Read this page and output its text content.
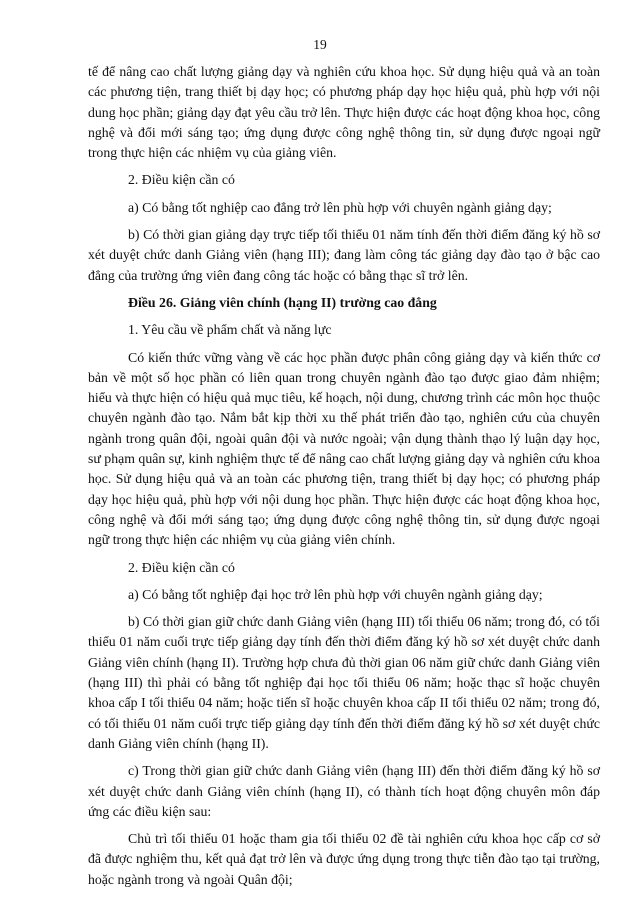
19

tế để nâng cao chất lượng giảng dạy và nghiên cứu khoa học. Sử dụng hiệu quả và an toàn các phương tiện, trang thiết bị dạy học; có phương pháp dạy học hiệu quả, phù hợp với nội dung học phần; giảng dạy đạt yêu cầu trở lên. Thực hiện được các hoạt động khoa học, công nghệ và đổi mới sáng tạo; ứng dụng được công nghệ thông tin, sử dụng được ngoại ngữ trong thực hiện các nhiệm vụ của giảng viên.

2. Điều kiện cần có

a) Có bằng tốt nghiệp cao đẳng trở lên phù hợp với chuyên ngành giảng dạy;

b) Có thời gian giảng dạy trực tiếp tối thiểu 01 năm tính đến thời điểm đăng ký hồ sơ xét duyệt chức danh Giảng viên (hạng III); đang làm công tác giảng dạy đào tạo ở bậc cao đẳng của trường ứng viên đang công tác hoặc có bằng thạc sĩ trở lên.

Điều 26. Giảng viên chính (hạng II) trường cao đẳng

1. Yêu cầu về phẩm chất và năng lực

Có kiến thức vững vàng về các học phần được phân công giảng dạy và kiến thức cơ bản về một số học phần có liên quan trong chuyên ngành đào tạo được giao đảm nhiệm; hiểu và thực hiện có hiệu quả mục tiêu, kế hoạch, nội dung, chương trình các môn học thuộc chuyên ngành đào tạo. Nắm bắt kịp thời xu thế phát triển đào tạo, nghiên cứu của chuyên ngành trong quân đội, ngoài quân đội và nước ngoài; vận dụng thành thạo lý luận dạy học, sư phạm quân sự, kinh nghiệm thực tế để nâng cao chất lượng giảng dạy và nghiên cứu khoa học. Sử dụng hiệu quả và an toàn các phương tiện, trang thiết bị dạy học; có phương pháp dạy học hiệu quả, phù hợp với nội dung học phần. Thực hiện được các hoạt động khoa học, công nghệ và đổi mới sáng tạo; ứng dụng được công nghệ thông tin, sử dụng được ngoại ngữ trong thực hiện các nhiệm vụ của giảng viên chính.

2. Điều kiện cần có

a) Có bằng tốt nghiệp đại học trở lên phù hợp với chuyên ngành giảng dạy;

b) Có thời gian giữ chức danh Giảng viên (hạng III) tối thiểu 06 năm; trong đó, có tối thiểu 01 năm cuối trực tiếp giảng dạy tính đến thời điểm đăng ký hồ sơ xét duyệt chức danh Giảng viên chính (hạng II). Trường hợp chưa đủ thời gian 06 năm giữ chức danh Giảng viên (hạng III) thì phải có bằng tốt nghiệp đại học tối thiểu 06 năm; hoặc thạc sĩ hoặc chuyên khoa cấp I tối thiểu 04 năm; hoặc tiến sĩ hoặc chuyên khoa cấp II tối thiểu 02 năm; trong đó, có tối thiểu 01 năm cuối trực tiếp giảng dạy tính đến thời điểm đăng ký hồ sơ xét duyệt chức danh Giảng viên chính (hạng II).

c) Trong thời gian giữ chức danh Giảng viên (hạng III) đến thời điểm đăng ký hồ sơ xét duyệt chức danh Giảng viên chính (hạng II), có thành tích hoạt động chuyên môn đáp ứng các điều kiện sau:

Chủ trì tối thiểu 01 hoặc tham gia tối thiểu 02 đề tài nghiên cứu khoa học cấp cơ sở đã được nghiệm thu, kết quả đạt trở lên và được ứng dụng trong thực tiễn đào tạo tại trường, hoặc ngành trong và ngoài Quân đội;
